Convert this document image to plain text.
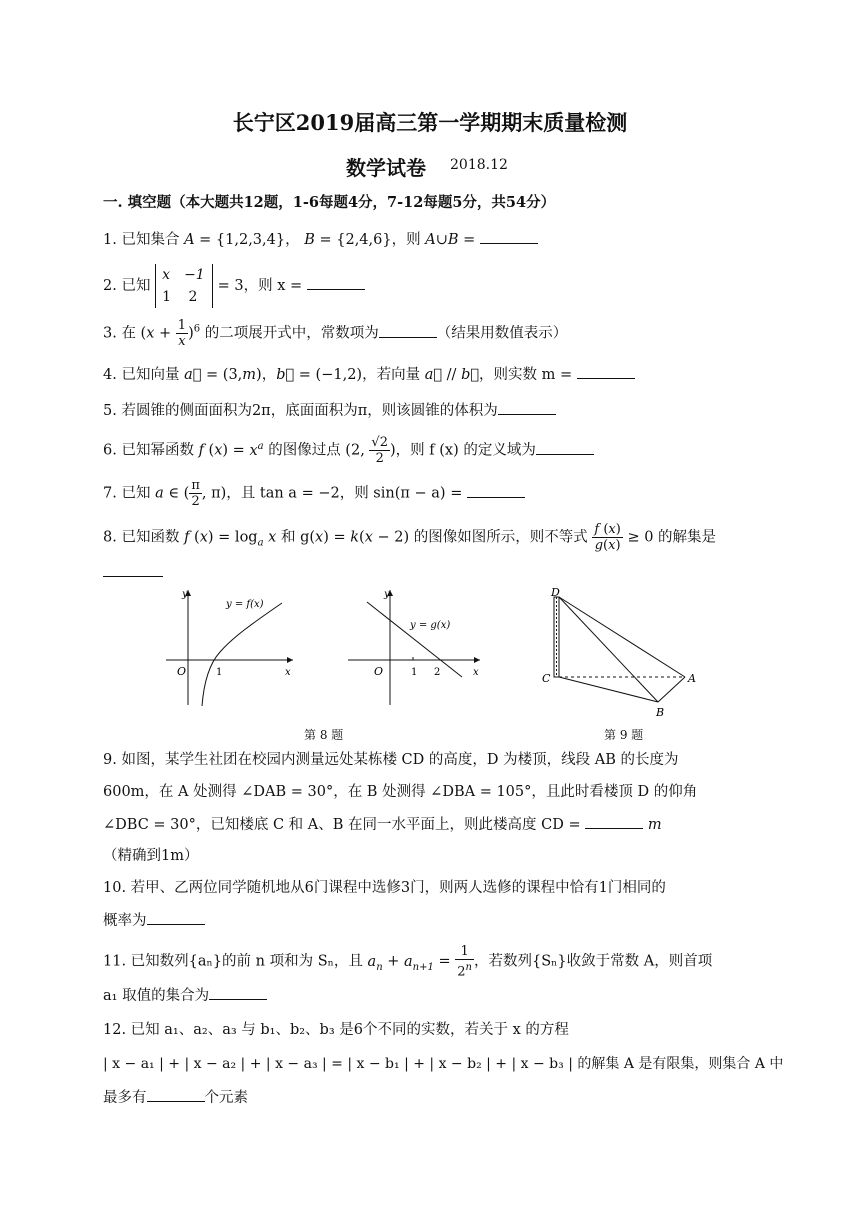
长宁区2019届高三第一学期期末质量检测
数学试卷 2018.12
一. 填空题（本大题共12题，1-6每题4分，7-12每题5分，共54分）
1. 已知集合 A = {1,2,3,4}， B = {2,4,6}，则 A∪B =
2. 已知 x −1
1 2 = 3，则 x =
3. 在 $(x + \frac{1}{x} )^6$ 的二项展开式中，常数项为	（结果用数值表示）
4. 已知向量 a⃗ = (3,m)，b⃗ = (−1,2)，若向量 a⃗ // b⃗，则实数 m =
5. 若圆锥的侧面面积为2π，底面面积为π，则该圆锥的体积为
6. 已知幂函数 f $(x) = x^a$ 的图像过点 (2, $\frac{√2}{2}$ )，则 f (x) 的定义域为
7. 已知 a ∈ ( $\frac{\pi}{2}$ , π)，且 tan a = −2，则 sin(π − a) =
8. 已知函数 f $(x) = \log_a x$ 和 g(x) = k(x − 2) 的图像如图所示，则不等式 $\frac{f (x)}{g(x)} \ge 0$ 的解集是
y
x
O	1
y = f(x)
y
x
O	1 2
y = g(x)
D
C	A
B
第 8 题	第 9 题
9. 如图，某学生社团在校园内测量远处某栋楼 CD 的高度，D 为楼顶，线段 AB 的长度为
600m，在 A 处测得 ∠DAB = 30°，在 B 处测得 ∠DBA = 105°，且此时看楼顶 D 的仰角
∠DBC = 30°，已知楼底 C 和 A、B 在同一水平面上，则此楼高度 CD =	m
（精确到1m）
10. 若甲、乙两位同学随机地从6门课程中选修3门，则两人选修的课程中恰有1门相同的
概率为
11. 已知数列{aₙ}的前 n 项和为 Sₙ，且 $a_n + a_{n+1} = \frac{1}{2^n}$ ，若数列{Sₙ}收敛于常数 A，则首项
a₁ 取值的集合为
12. 已知 a₁、a₂、a₃ 与 b₁、b₂、b₃ 是6个不同的实数，若关于 x 的方程
| x − a₁ | + | x − a₂ | + | x − a₃ | = | x − b₁ | + | x − b₂ | + | x − b₃ | 的解集 A 是有限集，则集合 A 中
最多有	个元素
